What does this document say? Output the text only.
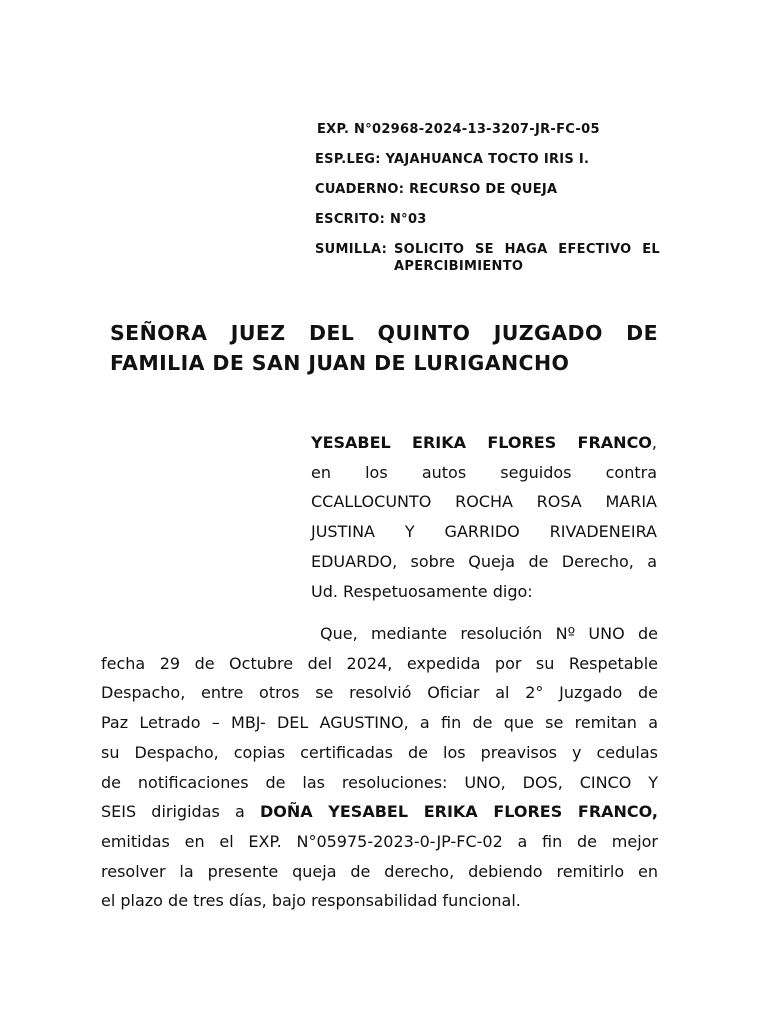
EXP. N°02968-2024-13-3207-JR-FC-05
ESP.LEG: YAJAHUANCA TOCTO IRIS I.
CUADERNO: RECURSO DE QUEJA
ESCRITO: N°03
SUMILLA: SOLICITO SE HAGA EFECTIVO EL APERCIBIMIENTO
SEÑORA JUEZ DEL QUINTO JUZGADO DE
FAMILIA DE SAN JUAN DE LURIGANCHO
YESABEL ERIKA FLORES FRANCO,
en los autos seguidos contra
CCALLOCUNTO ROCHA ROSA MARIA
JUSTINA Y GARRIDO RIVADENEIRA
EDUARDO, sobre Queja de Derecho, a
Ud. Respetuosamente digo:
Que, mediante resolución Nº UNO de
fecha 29 de Octubre del 2024, expedida por su Respetable
Despacho, entre otros se resolvió Oficiar al 2° Juzgado de
Paz Letrado – MBJ- DEL AGUSTINO, a fin de que se remitan a
su Despacho, copias certificadas de los preavisos y cedulas
de notificaciones de las resoluciones: UNO, DOS, CINCO Y
SEIS dirigidas a DOÑA YESABEL ERIKA FLORES FRANCO,
emitidas en el EXP. N°05975-2023-0-JP-FC-02 a fin de mejor
resolver la presente queja de derecho, debiendo remitirlo en
el plazo de tres días, bajo responsabilidad funcional.
